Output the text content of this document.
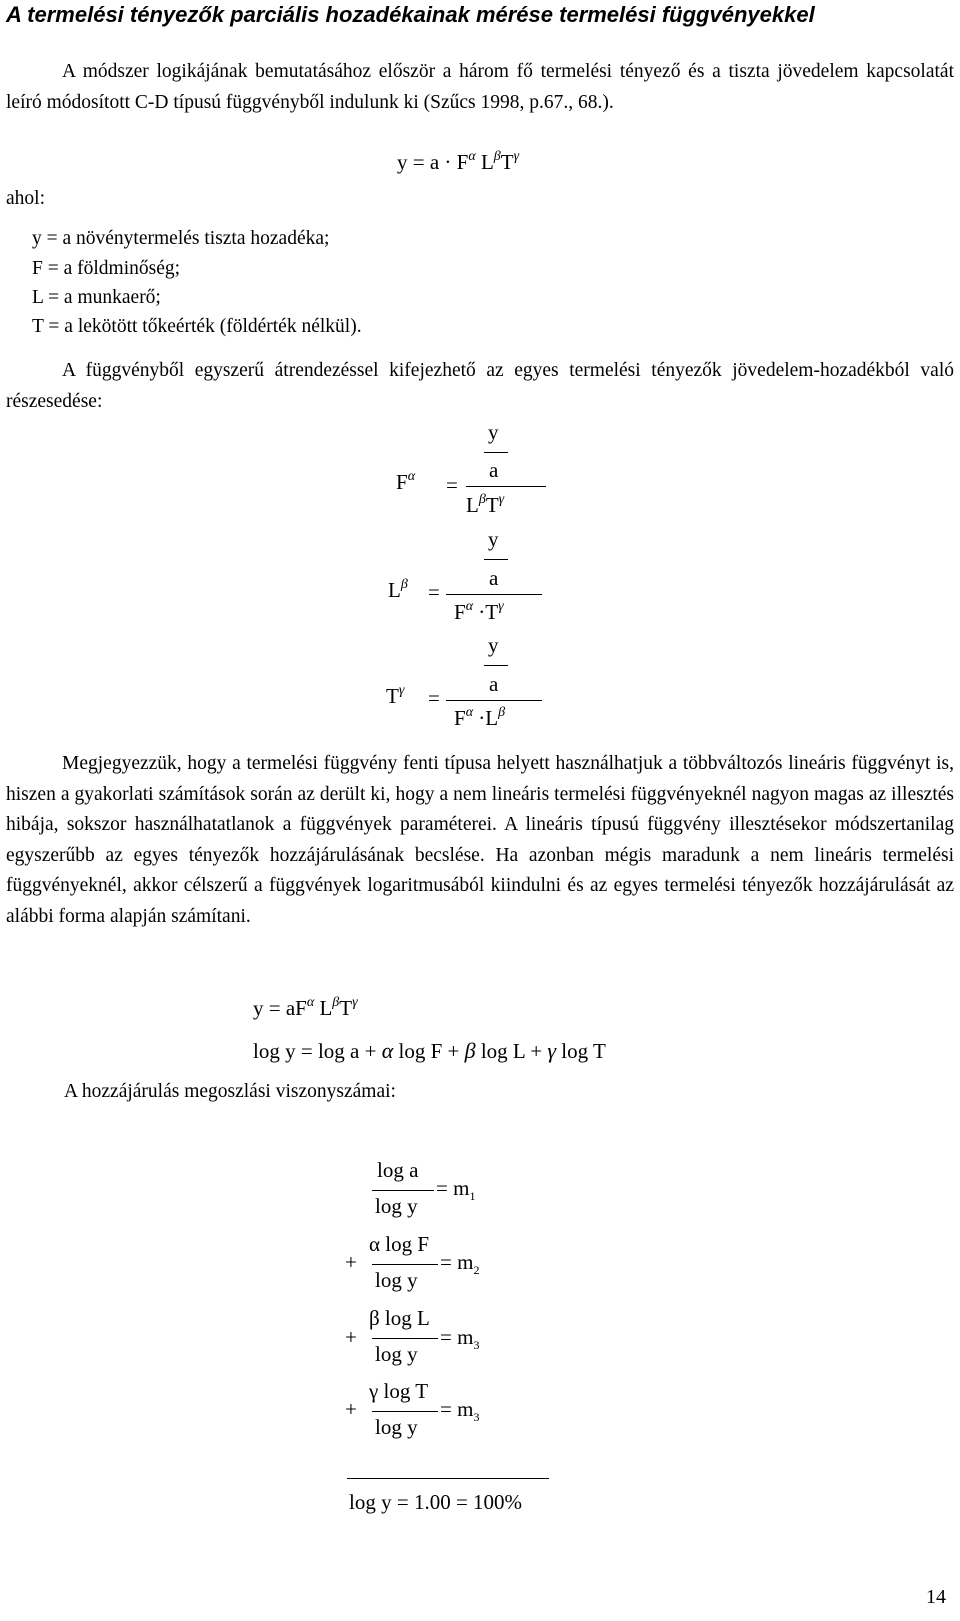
A termelési tényezők parciális hozadékainak mérése termelési függvényekkel
A módszer logikájának bemutatásához először a három fő termelési tényező és a tiszta jövedelem kapcsolatát leíró módosított C-D típusú függvényből indulunk ki (Szűcs 1998, p.67., 68.).
$y = a \cdot F^\alpha$ $L^\beta T^\gamma$
ahol:
y = a növénytermelés tiszta hozadéka;
F = a földminőség;
L = a munkaerő;
T = a lekötött tőkeérték (földérték nélkül).
A függvényből egyszerű átrendezéssel kifejezhető az egyes termelési tényezők jövedelem-hozadékból való részesedése:
y
$F^\alpha$ =
a
$L^\beta T^\gamma$
y
$L^\beta$ =
a
$F^\alpha \cdot T^\gamma$
y
$T^\gamma$ =
a
$F^\alpha \cdot L^\beta$
Megjegyezzük, hogy a termelési függvény fenti típusa helyett használhatjuk a többváltozós lineáris függvényt is, hiszen a gyakorlati számítások során az derült ki, hogy a nem lineáris termelési függvényeknél nagyon magas az illesztés hibája, sokszor használhatatlanok a függvények paraméterei. A lineáris típusú függvény illesztésekor módszertanilag egyszerűbb az egyes tényezők hozzájárulásának becslése. Ha azonban mégis maradunk a nem lineáris termelési függvényeknél, akkor célszerű a függvények logaritmusából kiindulni és az egyes termelési tényezők hozzájárulását az alábbi forma alapján számítani.
$y = aF^\alpha$ $L^\beta T^\gamma$
log y = log a + α log F + β log L + γ log T
A hozzájárulás megoszlási viszonyszámai:
log a
log y
= $m_1$
+
α log F
log y
= $m_2$
+
β log L
log y
= $m_3$
+
γ log T
log y
= $m_3$
log y = 1.00 = 100%
14
